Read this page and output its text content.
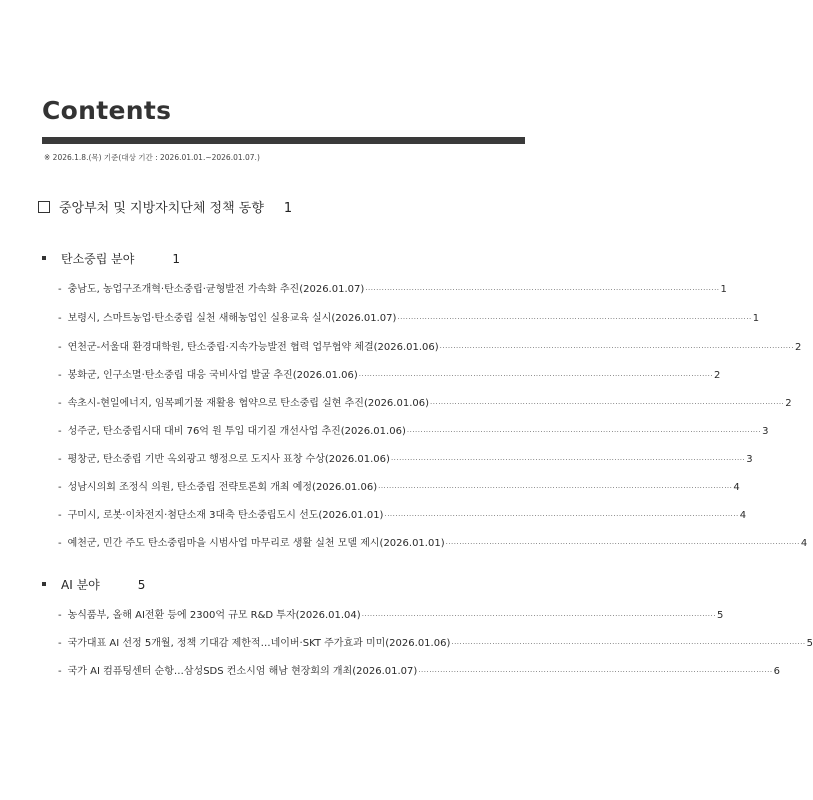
Contents
※ 2026.1.8.(목) 기준(대상 기간 : 2026.01.01.~2026.01.07.)
중앙부처 및 지방자치단체 정책 동향 1
탄소중립 분야	1
- 충남도, 농업구조개혁·탄소중립·균형발전 가속화 추진(2026.01.07) ·····	1
- 보령시, 스마트농업·탄소중립 실천 새해농업인 실용교육 실시(2026.01.07) ·····	1
- 연천군-서울대 환경대학원, 탄소중립·지속가능발전 협력 업무협약 체결(2026.01.06) ·····	2
- 봉화군, 인구소멸·탄소중립 대응 국비사업 발굴 추진(2026.01.06) ·····	2
- 속초시-현일에너지, 임목폐기물 재활용 협약으로 탄소중립 실현 추진(2026.01.06) ·····	2
- 성주군, 탄소중립시대 대비 76억 원 투입 대기질 개선사업 추진(2026.01.06) ·····	3
- 평창군, 탄소중립 기반 옥외광고 행정으로 도지사 표창 수상(2026.01.06) ·····	3
- 성남시의회 조정식 의원, 탄소중립 전략토론회 개최 예정(2026.01.06) ·····	4
- 구미시, 로봇·이차전지·첨단소재 3대축 탄소중립도시 선도(2026.01.01) ·····	4
- 예천군, 민간 주도 탄소중립마을 시범사업 마무리로 생활 실천 모델 제시(2026.01.01) ·····	4
AI 분야	5
- 농식품부, 올해 AI전환 등에 2300억 규모 R&D 투자(2026.01.04) ·····	5
- 국가대표 AI 선정 5개월, 정책 기대감 제한적…네이버·SKT 주가효과 미미(2026.01.06) ·····	5
- 국가 AI 컴퓨팅센터 순항…삼성SDS 컨소시엄 해남 현장회의 개최(2026.01.07) ·····	6
